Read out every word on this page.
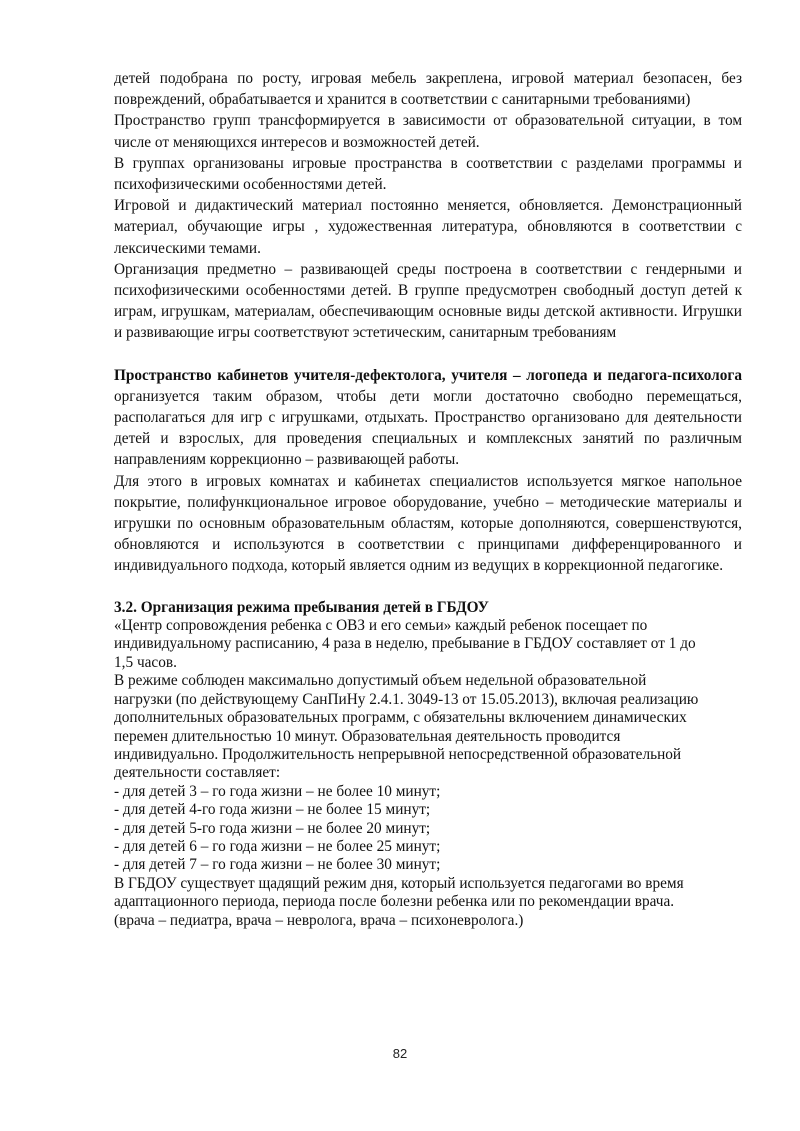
детей подобрана по росту, игровая мебель закреплена, игровой материал безопасен, без повреждений, обрабатывается и хранится в соответствии с санитарными требованиями)

Пространство групп трансформируется в зависимости от образовательной ситуации, в том числе от меняющихся интересов и возможностей детей.

В группах организованы игровые пространства в соответствии с разделами программы и психофизическими особенностями детей.

Игровой и дидактический материал постоянно меняется, обновляется. Демонстрационный материал, обучающие игры , художественная литература, обновляются в соответствии с лексическими темами.

Организация предметно – развивающей среды построена в соответствии с гендерными и психофизическими особенностями детей. В группе предусмотрен свободный доступ детей к играм, игрушкам, материалам, обеспечивающим основные виды детской активности. Игрушки и развивающие игры соответствуют эстетическим, санитарным требованиям

Пространство кабинетов учителя-дефектолога, учителя – логопеда и педагога-психолога организуется таким образом, чтобы дети могли достаточно свободно перемещаться, располагаться для игр с игрушками, отдыхать. Пространство организовано для деятельности детей и взрослых, для проведения специальных и комплексных занятий по различным направлениям коррекционно – развивающей работы.

Для этого в игровых комнатах и кабинетах специалистов используется мягкое напольное покрытие, полифункциональное игровое оборудование, учебно – методические материалы и игрушки по основным образовательным областям, которые дополняются, совершенствуются, обновляются и используются в соответствии с принципами дифференцированного и индивидуального подхода, который является одним из ведущих в коррекционной педагогике.

3.2. Организация режима пребывания детей в ГБДОУ

«Центр сопровождения ребенка с ОВЗ и его семьи» каждый ребенок посещает по

индивидуальному расписанию, 4 раза в неделю, пребывание в ГБДОУ составляет от 1 до

1,5 часов.

В режиме соблюден максимально допустимый объем недельной образовательной

нагрузки (по действующему СанПиНу 2.4.1. 3049-13 от 15.05.2013), включая реализацию

дополнительных образовательных программ, с обязательны включением динамических

перемен длительностью 10 минут. Образовательная деятельность проводится

индивидуально. Продолжительность непрерывной непосредственной образовательной

деятельности составляет:

- для детей 3 – го года жизни – не более 10 минут;

- для детей 4-го года жизни – не более 15 минут;

- для детей 5-го года жизни – не более 20 минут;

- для детей 6 – го года жизни – не более 25 минут;

- для детей 7 – го года жизни – не более 30 минут;

В ГБДОУ существует щадящий режим дня, который используется педагогами во время

адаптационного периода, периода после болезни ребенка или по рекомендации врача.

(врача – педиатра, врача – невролога, врача – психоневролога.)

82
